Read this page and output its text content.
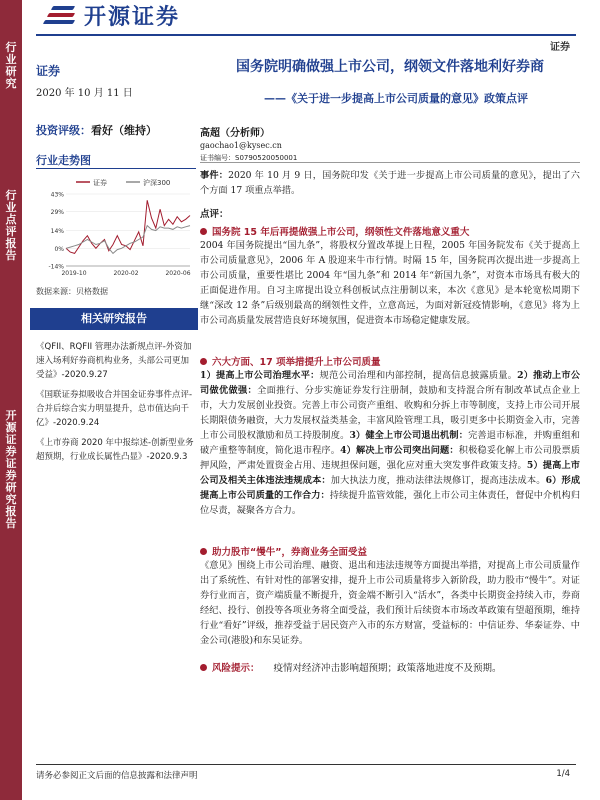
行业研究
行业点评报告
开源证券证券研究报告
开源证券
证券
证券
2020 年 10 月 11 日
投资评级：看好（维持）
行业走势图
证券	沪深300
43%
29%
14%
0%
-14%
2019-10	2020-02	2020-06
数据来源：贝格数据
相关研究报告
《QFII、RQFII 管理办法新规点评-外资加速入场利好券商机构业务，头部公司更加受益》-2020.9.27
《国联证券拟吸收合并国金证券事件点评-合并后综合实力明显提升，总市值达向千亿》-2020.9.24
《上市券商 2020 年中报综述-创新型业务超预期，行业成长属性凸显》-2020.9.3
国务院明确做强上市公司，纲领文件落地利好券商
——《关于进一步提高上市公司质量的意见》政策点评
高超（分析师）
gaochao1@kysec.cn
证书编号：S0790520050001
事件：2020 年 10 月 9 日，国务院印发《关于进一步提高上市公司质量的意见》，提出了六个方面 17 项重点举措。
点评：
国务院 15 年后再提做强上市公司，纲领性文件落地意义重大
2004 年国务院提出“国九条”，将股权分置改革提上日程，2005 年国务院发布《关于提高上市公司质量意见》，2006 年 A 股迎来牛市行情。时隔 15 年，国务院再次提出进一步提高上市公司质量，重要性堪比 2004 年“国九条”和 2014 年“新国九条”，对资本市场具有极大的正面促进作用。自习主席提出设立科创板试点注册制以来，本次《意见》是本轮宽松周期下继“深改 12 条”后级别最高的纲领性文件，立意高远，为面对新冠疫情影响，《意见》将为上市公司高质量发展营造良好环境氛围，促进资本市场稳定健康发展。
六大方面、17 项举措提升上市公司质量
1）提高上市公司治理水平：规范公司治理和内部控制，提高信息披露质量。2）推动上市公司做优做强：全面推行、分步实施证券发行注册制，鼓励和支持混合所有制改革试点企业上市，大力发展创业投资。完善上市公司资产重组、收购和分拆上市等制度，支持上市公司开展长期限债务融资，大力发展权益类基金，丰富风险管理工具，吸引更多中长期资金入市，完善上市公司股权激励和员工持股制度。3）健全上市公司退出机制：完善退市标准，并购重组和破产重整等制度，简化退市程序。4）解决上市公司突出问题：积极稳妥化解上市公司股票质押风险，严肃处置资金占用、违规担保问题，强化应对重大突发事件政策支持。5）提高上市公司及相关主体违法违规成本：加大执法力度，推动法律法规修订，提高违法成本。6）形成提高上市公司质量的工作合力：持续提升监管效能，强化上市公司主体责任，督促中介机构归位尽责，凝聚各方合力。
助力股市“慢牛”，券商业务全面受益
《意见》围绕上市公司治理、融资、退出和违法违规等方面提出举措，对提高上市公司质量作出了系统性、有针对性的部署安排，提升上市公司质量将步入新阶段，助力股市“慢牛”。对证券行业而言，资产端质量不断提升，资金端不断引入“活水”，各类中长期资金持续入市，券商经纪、投行、创投等各项业务将全面受益，我们预计后续资本市场改革政策有望超预期，维持行业“看好”评级，推荐受益于居民资产入市的东方财富，受益标的：中信证券、华泰证券、中金公司(港股)和东吴证券。
风险提示： 疫情对经济冲击影响超预期；政策落地进度不及预期。
请务必参阅正文后面的信息披露和法律声明	1/4
